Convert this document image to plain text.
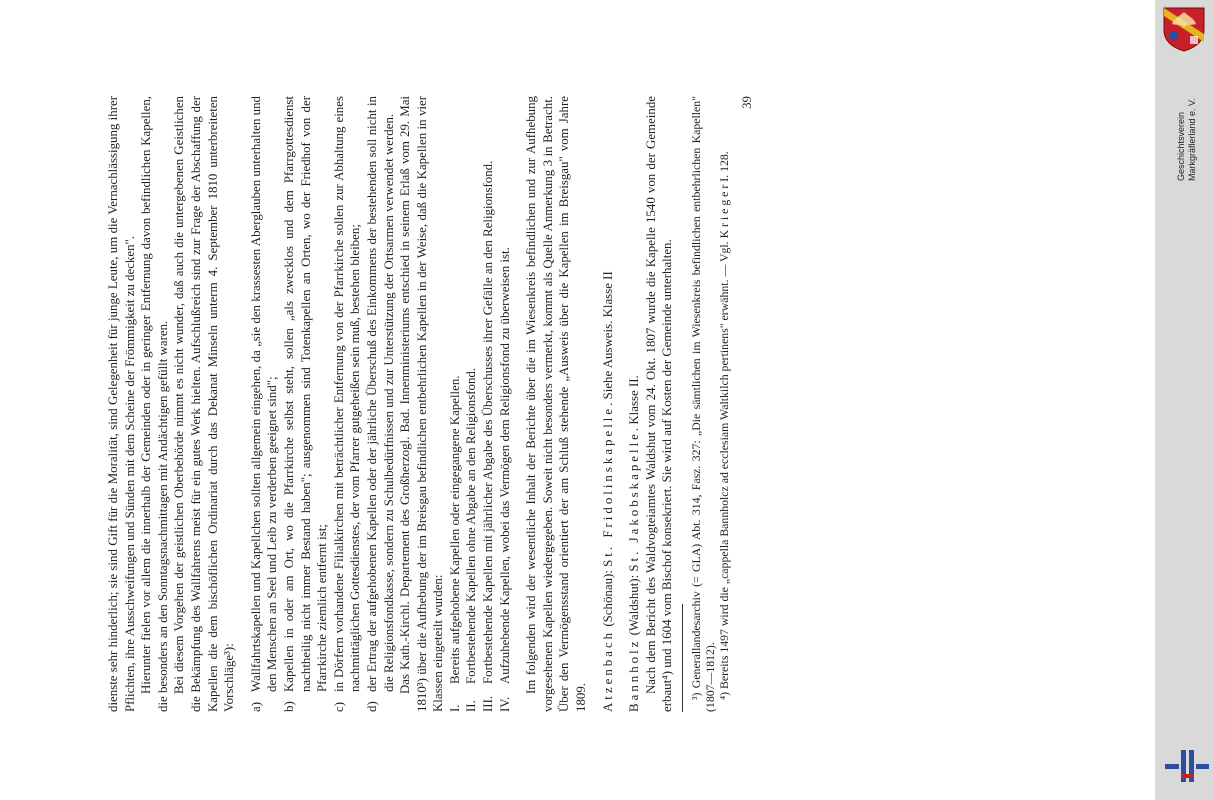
dienste sehr hinderlich; sie sind Gift für die Moralität, sind Gelegenheit für junge Leute, um die Vernachlässigung ihrer Pflichten, ihre Ausschweifungen und Sünden mit dem Scheine der Frömmigkeit zu decken". Hierunter fielen vor allem die innerhalb der Gemeinden oder in geringer Entfernung davon befindlichen Kapellen, die besonders an den Sonntagsnachmittagen mit Andächtigen gefüllt waren. Bei diesem Vorgehen der geistlichen Oberbehörde nimmt es nicht wunder, daß auch die untergebenen Geistlichen die Bekämpfung des Wallfahrens meist für ein gutes Werk hielten. Aufschlußreich sind zur Frage der Abschaffung der Kapellen die dem bischöflichen Ordinariat durch das Dekanat Minseln unterm 4. September 1810 unterbreiteten Vorschläge³): a)
Wallfahrtskapellen und Kapellchen sollten allgemein eingehen, da „sie den krassesten Aberglauben unterhalten und den Menschen an Seel und Leib zu verderben geeignet sind";
b)
Kapellen in oder am Ort, wo die Pfarrkirche selbst steht, sollen „als zwecklos und dem Pfarrgottesdienst nachtheilig nicht immer Bestand haben"; ausgenommen sind Totenkapellen an Orten, wo der Friedhof von der Pfarrkirche ziemlich entfernt ist;
c)
in Dörfern vorhandene Filialkirchen mit beträchtlicher Entfernung von der Pfarrkirche sollen zur Abhaltung eines nachmittäglichen Gottesdienstes, der vom Pfarrer gutgeheißen sein muß, bestehen bleiben;
d)
der Ertrag der aufgehobenen Kapellen oder der jährliche Überschuß des Einkommens der bestehenden soll nicht in die Religionsfondkasse, sondern zu Schulbedürfnissen und zur Unterstützung der Ortsarmen verwendet werden. Das Kath.-Kirchl. Departement des Großherzogl. Bad. Innenministeriums entschied in seinem Erlaß vom 29. Mai 1810³) über die Aufhebung der im Breisgau befindlichen entbehrlichen Kapellen in der Weise, daß die Kapellen in vier Klassen eingeteilt wurden: I.
Bereits aufgehobene Kapellen oder eingegangene Kapellen.
II.
Fortbestehende Kapellen ohne Abgabe an den Religionsfond.
III.
Fortbestehende Kapellen mit jährlicher Abgabe des Überschusses ihrer Gefälle an den Religionsfond.
IV.
Aufzuhebende Kapellen, wobei das Vermögen dem Religionsfond zu überweisen ist. Im folgenden wird der wesentliche Inhalt der Berichte über die im Wiesenkreis befindlichen und zur Aufhebung vorgesehenen Kapellen wiedergegeben. Soweit nicht besonders vermerkt, kommt als Quelle Anmerkung 3 in Betracht. Über den Vermögensstand orientiert der am Schluß stehende „Ausweis über die Kapellen im Breisgau" vom Jahre 1809. Atzenbach (Schönau): St. Fridolinskapelle. Siehe Ausweis. Klasse II

Bannholz (Waldshut): St. Jakobskapelle. Klasse II. Nach dem Bericht des Waldvogteiamtes Waldshut vom 24. Okt. 1807 wurde die Kapelle 1540 von der Gemeinde erbaut⁴) und 1604 vom Bischof konsekriert. Sie wird auf Kosten der Gemeinde unterhalten. ³) Generallandesarchiv (= GLA) Abt. 314, Fasz. 327: „Die sämtlichen im Wiesenkreis befindlichen entbehrlichen Kapellen" (1807—1812). ⁴) Bereits 1497 wird die „cappella Bannholcz ad ecclesiam Waltkilch pertinens" erwähnt. — Vgl. K r i e g e r I. 128.

39
Geschichtsverein Markgräflerland e. V.
